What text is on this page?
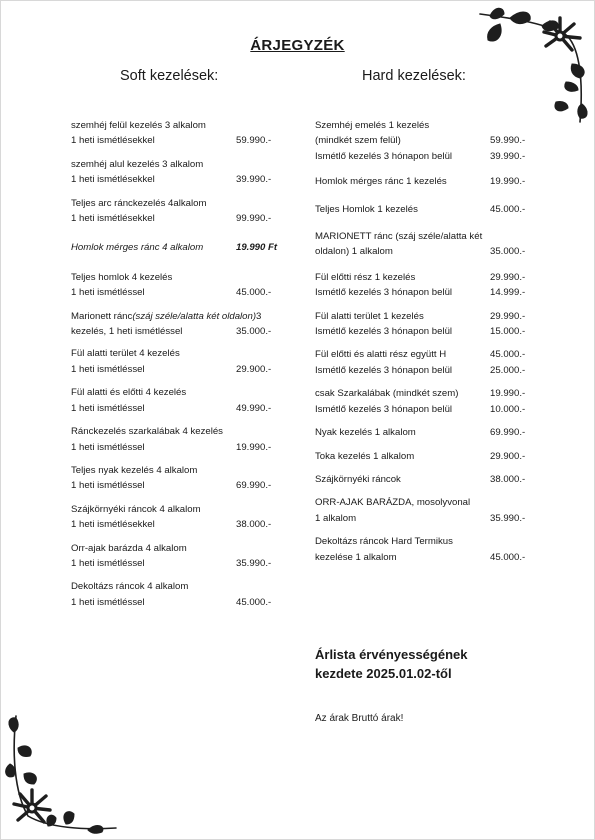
ÁRJEGYZÉK
Soft kezelések:	Hard kezelések:
szemhéj felül kezelés 3 alkalom
1 heti ismétlésekkel	59.990.-
szemhéj alul kezelés 3 alkalom
1 heti ismétlésekkel	39.990.-
Teljes arc ránckezelés 4alkalom
1 heti ismétlésekkel	99.990.-
Homlok mérges ránc 4 alkalom	19.990 Ft
Teljes homlok 4 kezelés
1 heti ismétléssel	45.000.-
Marionett ránc (száj széle/alatta két oldalon) 3
kezelés, 1 heti ismétléssel	35.000.-
Fül alatti terület 4 kezelés
1 heti ismétléssel	29.900.-
Fül alatti és előtti 4 kezelés
1 heti ismétléssel	49.990.-
Ránckezelés szarkalábak 4 kezelés
1 heti ismétléssel	19.990.-
Teljes nyak kezelés 4 alkalom
1 heti ismétléssel	69.990.-
Szájkörnyéki ráncok 4 alkalom
1 heti ismétlésekkel	38.000.-
Orr-ajak barázda 4 alkalom
1 heti ismétléssel	35.990.-
Dekoltázs ráncok 4 alkalom
1 heti ismétléssel	45.000.-
Szemhéj emelés 1 kezelés
(mindkét szem felül)	59.990.-
Ismétlő kezelés 3 hónapon belül	39.990.-
Homlok mérges ránc 1 kezelés	19.990.-
Teljes Homlok 1 kezelés	45.000.-
MARIONETT ránc (száj széle/alatta két
oldalon) 1 alkalom	35.000.-
Fül előtti rész 1 kezelés	29.990.-
Ismétlő kezelés 3 hónapon belül	14.999.-
Fül alatti terület 1 kezelés	29.990.-
Ismétlő kezelés 3 hónapon belül	15.000.-
Fül előtti és alatti rész együtt H	45.000.-
Ismétlő kezelés 3 hónapon belül	25.000.-
csak Szarkalábak (mindkét szem)	19.990.-
Ismétlő kezelés 3 hónapon belül	10.000.-
Nyak kezelés 1 alkalom	69.990.-
Toka kezelés 1 alkalom	29.900.-
Szájkörnyéki ráncok	38.000.-
ORR-AJAK BARÁZDA, mosolyvonal
1 alkalom	35.990.-
Dekoltázs ráncok Hard Termikus
kezelése 1 alkalom	45.000.-
Árlista érvényességének
kezdete 2025.01.02-től
Az árak Bruttó árak!
